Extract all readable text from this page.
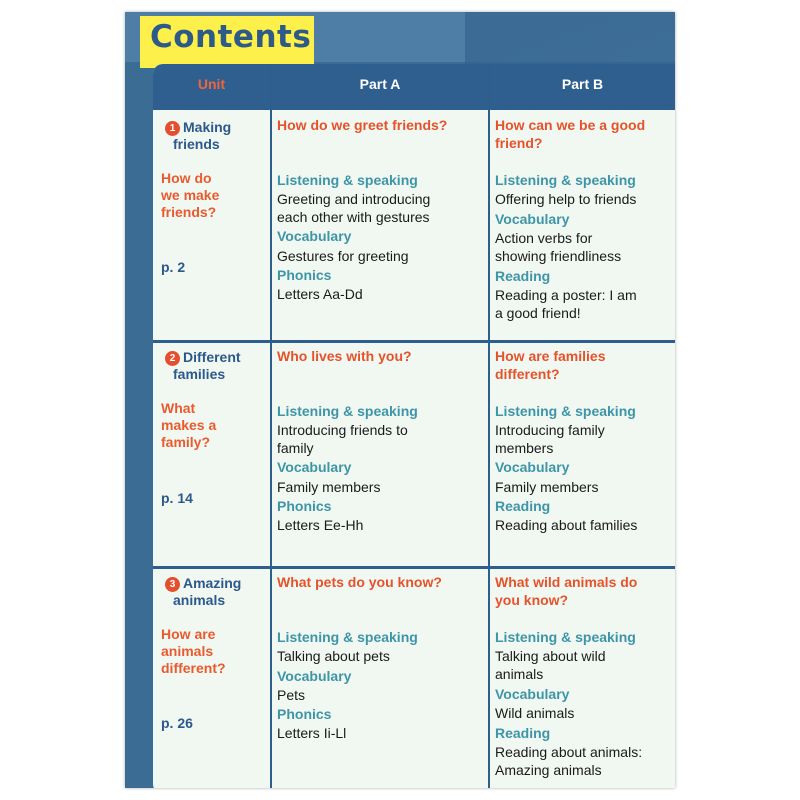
Contents
Unit	Part A	Part B
1 Making
friends
How do
we make
friends?
p. 2
How do we greet friends?
Listening & speaking
Greeting and introducing
each other with gestures
Vocabulary
Gestures for greeting
Phonics
Letters Aa-Dd
How can we be a good
friend?
Listening & speaking
Offering help to friends
Vocabulary
Action verbs for
showing friendliness
Reading
Reading a poster: I am
a good friend!
2 Different
families
What
makes a
family?
p. 14
Who lives with you?
Listening & speaking
Introducing friends to
family
Vocabulary
Family members
Phonics
Letters Ee-Hh
How are families
different?
Listening & speaking
Introducing family
members
Vocabulary
Family members
Reading
Reading about families
3 Amazing
animals
How are
animals
different?
p. 26
What pets do you know?
Listening & speaking
Talking about pets
Vocabulary
Pets
Phonics
Letters Ii-Ll
What wild animals do
you know?
Listening & speaking
Talking about wild
animals
Vocabulary
Wild animals
Reading
Reading about animals:
Amazing animals
